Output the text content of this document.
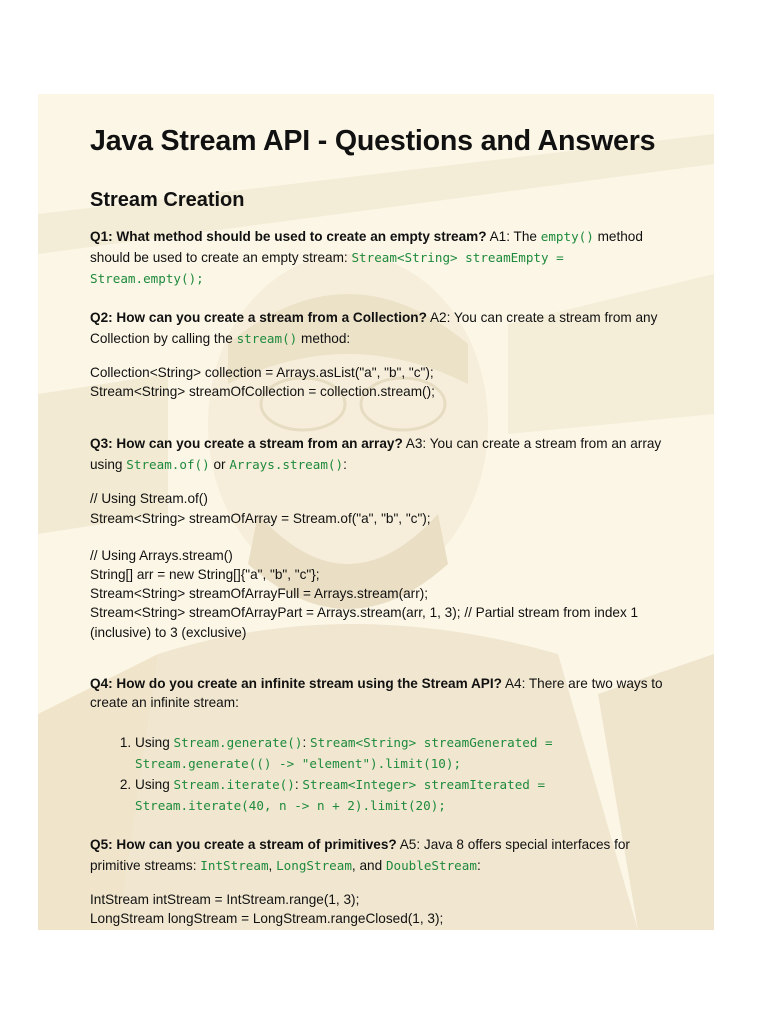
Java Stream API - Questions and Answers
Stream Creation

Q1: What method should be used to create an empty stream? A1: The empty() method should be used to create an empty stream: Stream<String> streamEmpty = Stream.empty();

Q2: How can you create a stream from a Collection? A2: You can create a stream from any Collection by calling the stream() method:

Collection<String> collection = Arrays.asList("a", "b", "c");
Stream<String> streamOfCollection = collection.stream();

Q3: How can you create a stream from an array? A3: You can create a stream from an array using Stream.of() or Arrays.stream():

// Using Stream.of()
Stream<String> streamOfArray = Stream.of("a", "b", "c");
// Using Arrays.stream()
String[] arr = new String[]{"a", "b", "c"};
Stream<String> streamOfArrayFull = Arrays.stream(arr);
Stream<String> streamOfArrayPart = Arrays.stream(arr, 1, 3); // Partial stream from index 1 (inclusive) to 3 (exclusive)

Q4: How do you create an infinite stream using the Stream API? A4: There are two ways to create an infinite stream:

1. Using Stream.generate(): Stream<String> streamGenerated = Stream.generate(() -> "element").limit(10);
2. Using Stream.iterate(): Stream<Integer> streamIterated = Stream.iterate(40, n -> n + 2).limit(20);

Q5: How can you create a stream of primitives? A5: Java 8 offers special interfaces for primitive streams: IntStream, LongStream, and DoubleStream:

IntStream intStream = IntStream.range(1, 3);
LongStream longStream = LongStream.rangeClosed(1, 3);
